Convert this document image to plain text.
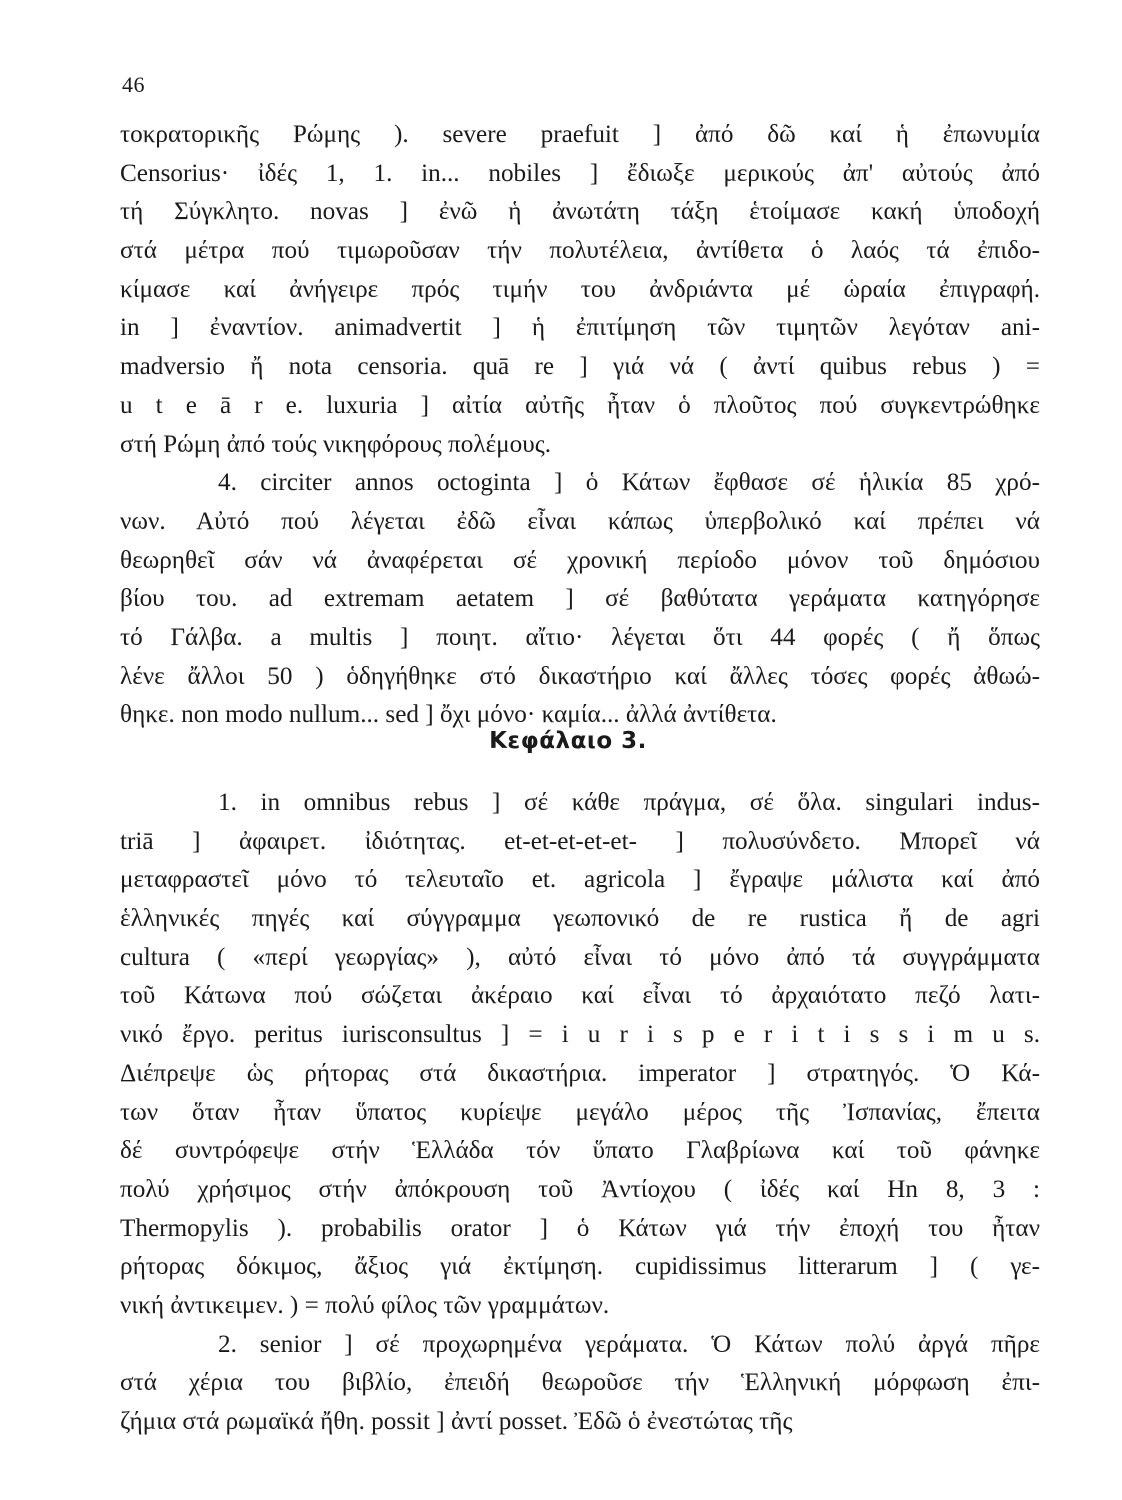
46
τοκρατορικῆς Ρώμης ). severe praefuit ] ἀπό δῶ καί ἡ ἐπωνυμία
Censorius· ἰδές 1, 1. in... nobiles ] ἔδιωξε μερικούς ἀπ' αὐτούς ἀπό
τή Σύγκλητο. novas ] ἐνῶ ἡ ἀνωτάτη τάξη ἑτοίμασε κακή ὑποδοχή
στά μέτρα πού τιμωροῦσαν τήν πολυτέλεια, ἀντίθετα ὁ λαός τά ἐπιδο-
κίμασε καί ἀνήγειρε πρός τιμήν του ἀνδριάντα μέ ὡραία ἐπιγραφή.
in ] ἐναντίον. animadvertit ] ἡ ἐπιτίμηση τῶν τιμητῶν λεγόταν ani-
madversio ἤ nota censoria. quā re ] γιά νά ( ἀντί quibus rebus ) =
u t e ā r e. luxuria ] αἰτία αὐτῆς ἦταν ὁ πλοῦτος πού συγκεντρώθηκε
στή Ρώμη ἀπό τούς νικηφόρους πολέμους.
4. circiter annos octoginta ] ὁ Κάτων ἔφθασε σέ ἡλικία 85 χρό-
νων. Αὐτό πού λέγεται ἐδῶ εἶναι κάπως ὑπερβολικό καί πρέπει νά
θεωρηθεῖ σάν νά ἀναφέρεται σέ χρονική περίοδο μόνον τοῦ δημόσιου
βίου του. ad extremam aetatem ] σέ βαθύτατα γεράματα κατηγόρησε
τό Γάλβα. a multis ] ποιητ. αἴτιο· λέγεται ὅτι 44 φορές ( ἤ ὅπως
λένε ἄλλοι 50 ) ὁδηγήθηκε στό δικαστήριο καί ἄλλες τόσες φορές ἀθωώ-
θηκε. non modo nullum... sed ] ὄχι μόνο· καμία... ἀλλά ἀντίθετα.
Κεφάλαιο 3.
1. in omnibus rebus ] σέ κάθε πράγμα, σέ ὅλα. singulari indus-
triā ] ἀφαιρετ. ἰδιότητας. et-et-et-et-et- ] πολυσύνδετο. Μπορεῖ νά
μεταφραστεῖ μόνο τό τελευταῖο et. agricola ] ἔγραψε μάλιστα καί ἀπό
ἑλληνικές πηγές καί σύγγραμμα γεωπονικό de re rustica ἤ de agri
cultura ( «περί γεωργίας» ), αὐτό εἶναι τό μόνο ἀπό τά συγγράμματα
τοῦ Κάτωνα πού σώζεται ἀκέραιο καί εἶναι τό ἀρχαιότατο πεζό λατι-
νικό ἔργο. peritus iurisconsultus ] = i u r i s p e r i t i s s i m u s.
Διέπρεψε ὡς ρήτορας στά δικαστήρια. imperator ] στρατηγός. Ὁ Κά-
των ὅταν ἦταν ὕπατος κυρίεψε μεγάλο μέρος τῆς Ἰσπανίας, ἔπειτα
δέ συντρόφεψε στήν Ἑλλάδα τόν ὕπατο Γλαβρίωνα καί τοῦ φάνηκε
πολύ χρήσιμος στήν ἀπόκρουση τοῦ Ἀντίοχου ( ἰδές καί Hn 8, 3 :
Thermopylis ). probabilis orator ] ὁ Κάτων γιά τήν ἐποχή του ἦταν
ρήτορας δόκιμος, ἄξιος γιά ἐκτίμηση. cupidissimus litterarum ] ( γε-
νική ἀντικειμεν. ) = πολύ φίλος τῶν γραμμάτων.
2. senior ] σέ προχωρημένα γεράματα. Ὁ Κάτων πολύ ἀργά πῆρε
στά χέρια του βιβλίο, ἐπειδή θεωροῦσε τήν Ἑλληνική μόρφωση ἐπι-
ζήμια στά ρωμαϊκά ἤθη. possit ] ἀντί posset. Ἐδῶ ὁ ἐνεστώτας τῆς
